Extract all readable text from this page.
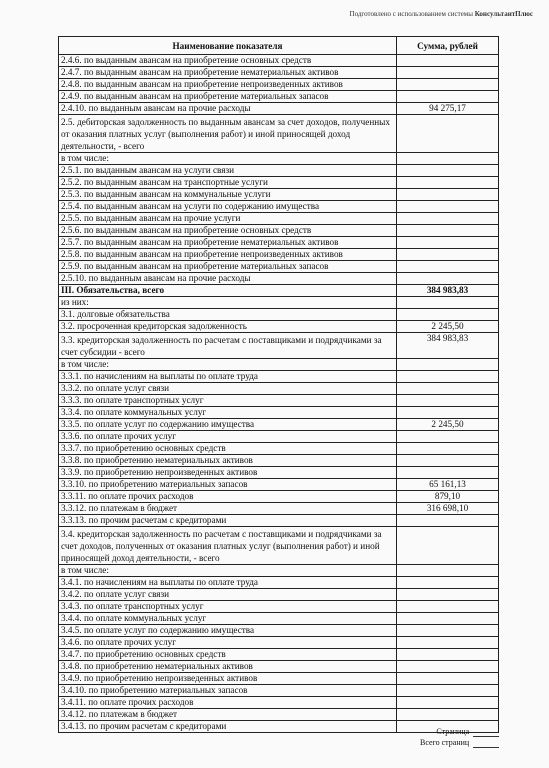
Подготовлено с использованием системы КонсультантПлюс
Наименование показателя	Сумма, рублей
2.4.6. по выданным авансам на приобретение основных средств	
2.4.7. по выданным авансам на приобретение нематериальных активов	
2.4.8. по выданным авансам на приобретение непроизведенных активов	
2.4.9. по выданным авансам на приобретение материальных запасов	
2.4.10. по выданным авансам на прочие расходы	94 275,17
2.5. дебиторская задолженность по выданным авансам за счет доходов, полученных от оказания платных услуг (выполнения работ) и иной приносящей доход деятельности, - всего	
в том числе:	
2.5.1. по выданным авансам на услуги связи	
2.5.2. по выданным авансам на транспортные услуги	
2.5.3. по выданным авансам на коммунальные услуги	
2.5.4. по выданным авансам на услуги по содержанию имущества	
2.5.5. по выданным авансам на прочие услуги	
2.5.6. по выданным авансам на приобретение основных средств	
2.5.7. по выданным авансам на приобретение нематериальных активов	
2.5.8. по выданным авансам на приобретение непроизведенных активов	
2.5.9. по выданным авансам на приобретение материальных запасов	
2.5.10. по выданным авансам на прочие расходы	
III. Обязательства, всего	384 983,83
из них:	
3.1. долговые обязательства	
3.2. просроченная кредиторская задолженность	2 245,50
3.3. кредиторская задолженность по расчетам с поставщиками и подрядчиками за счет субсидии - всего	384 983,83
в том числе:	
3.3.1. по начислениям на выплаты по оплате труда	
3.3.2. по оплате услуг связи	
3.3.3. по оплате транспортных услуг	
3.3.4. по оплате коммунальных услуг	
3.3.5. по оплате услуг по содержанию имущества	2 245,50
3.3.6. по оплате прочих услуг	
3.3.7. по приобретению основных средств	
3.3.8. по приобретению нематериальных активов	
3.3.9. по приобретению непроизведенных активов	
3.3.10. по приобретению материальных запасов	65 161,13
3.3.11. по оплате прочих расходов	879,10
3.3.12. по платежам в бюджет	316 698,10
3.3.13. по прочим расчетам с кредиторами	
3.4. кредиторская задолженность по расчетам с поставщиками и подрядчиками за счет доходов, полученных от оказания платных услуг (выполнения работ) и иной приносящей доход деятельности, - всего	
в том числе:	
3.4.1. по начислениям на выплаты по оплате труда	
3.4.2. по оплате услуг связи	
3.4.3. по оплате транспортных услуг	
3.4.4. по оплате коммунальных услуг	
3.4.5. по оплате услуг по содержанию имущества	
3.4.6. по оплате прочих услуг	
3.4.7. по приобретению основных средств	
3.4.8. по приобретению нематериальных активов	
3.4.9. по приобретению непроизведенных активов	
3.4.10. по приобретению материальных запасов	
3.4.11. по оплате прочих расходов	
3.4.12. по платежам в бюджет	
3.4.13. по прочим расчетам с кредиторами	
Страница
Всего страниц
